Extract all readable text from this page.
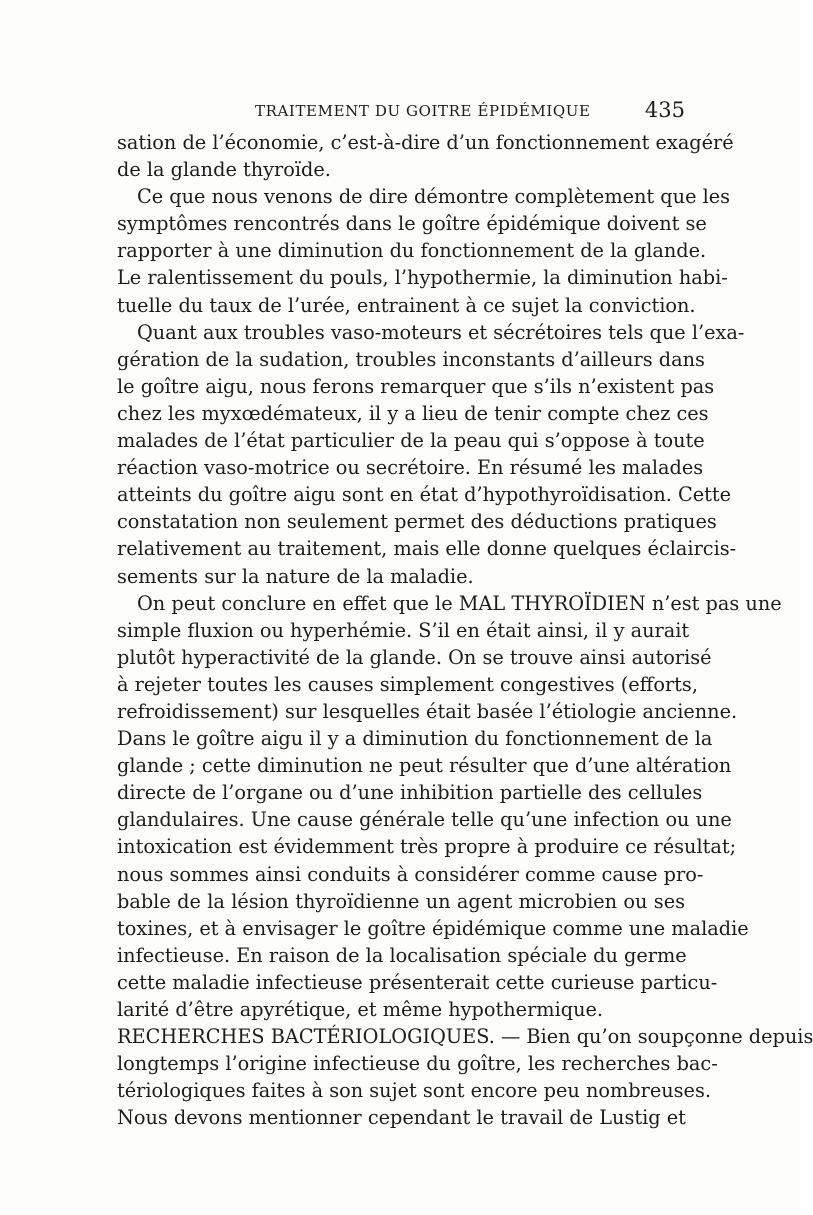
TRAITEMENT DU GOITRE ÉPIDÉMIQUE	435
sation de l’économie, c’est-à-dire d’un fonctionnement exagéré
de la glande thyroïde.
Ce que nous venons de dire démontre complètement que les
symptômes rencontrés dans le goître épidémique doivent se
rapporter à une diminution du fonctionnement de la glande.
Le ralentissement du pouls, l’hypothermie, la diminution habi-
tuelle du taux de l’urée, entrainent à ce sujet la conviction.
Quant aux troubles vaso-moteurs et sécrétoires tels que l’exa-
gération de la sudation, troubles inconstants d’ailleurs dans
le goître aigu, nous ferons remarquer que s’ils n’existent pas
chez les myxœdémateux, il y a lieu de tenir compte chez ces
malades de l’état particulier de la peau qui s’oppose à toute
réaction vaso-motrice ou secrétoire. En résumé les malades
atteints du goître aigu sont en état d’hypothyroïdisation. Cette
constatation non seulement permet des déductions pratiques
relativement au traitement, mais elle donne quelques éclaircis-
sements sur la nature de la maladie.
On peut conclure en effet que le MAL THYROÏDIEN n’est pas une
simple fluxion ou hyperhémie. S’il en était ainsi, il y aurait
plutôt hyperactivité de la glande. On se trouve ainsi autorisé
à rejeter toutes les causes simplement congestives (efforts,
refroidissement) sur lesquelles était basée l’étiologie ancienne.
Dans le goître aigu il y a diminution du fonctionnement de la
glande ; cette diminution ne peut résulter que d’une altération
directe de l’organe ou d’une inhibition partielle des cellules
glandulaires. Une cause générale telle qu’une infection ou une
intoxication est évidemment très propre à produire ce résultat;
nous sommes ainsi conduits à considérer comme cause pro-
bable de la lésion thyroïdienne un agent microbien ou ses
toxines, et à envisager le goître épidémique comme une maladie
infectieuse. En raison de la localisation spéciale du germe
cette maladie infectieuse présenterait cette curieuse particu-
larité d’être apyrétique, et même hypothermique.
RECHERCHES BACTÉRIOLOGIQUES. — Bien qu’on soupçonne depuis
longtemps l’origine infectieuse du goître, les recherches bac-
tériologiques faites à son sujet sont encore peu nombreuses.
Nous devons mentionner cependant le travail de Lustig et
